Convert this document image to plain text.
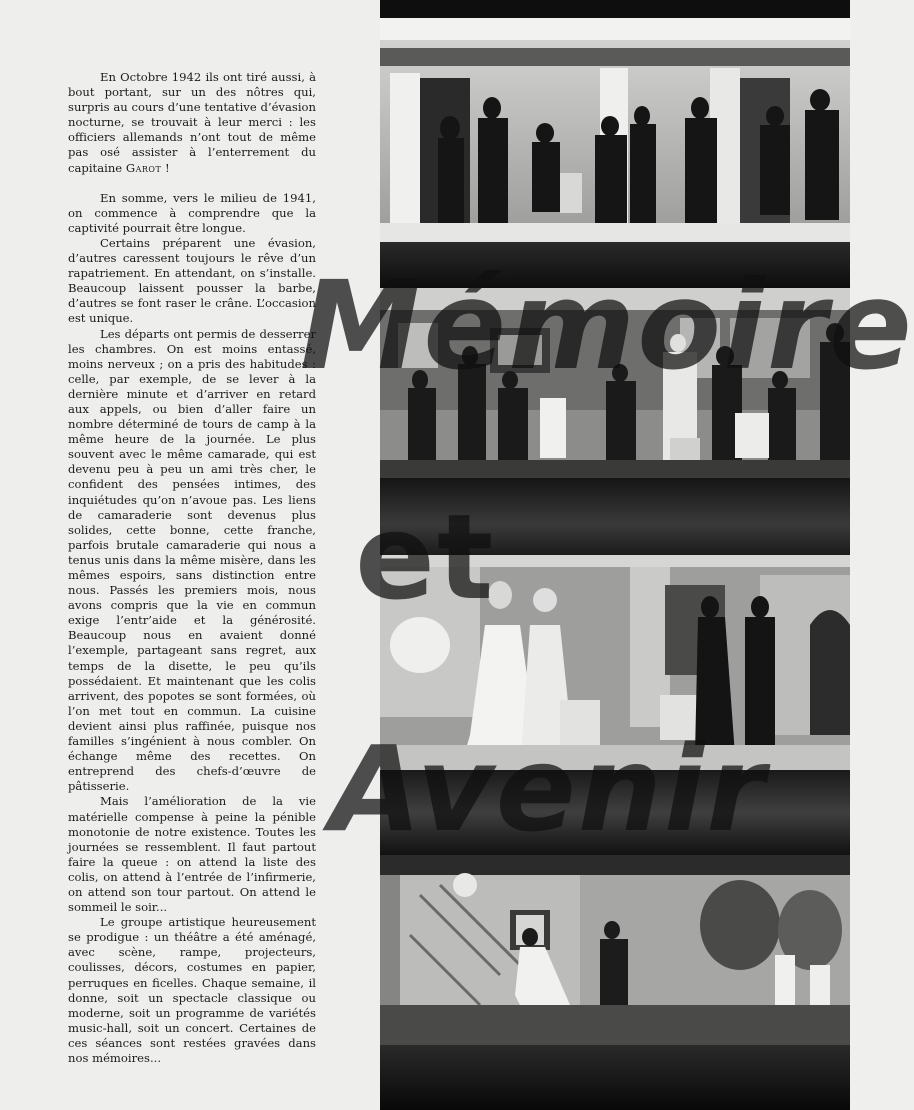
En Octobre 1942 ils ont tiré aussi, à bout portant, sur un des nôtres qui, surpris au cours d’une tentative d’évasion nocturne, se trouvait à leur merci : les officiers allemands n’ont tout de même pas osé assister à l’enterrement du capitaine Garot !

En somme, vers le milieu de 1941, on commence à comprendre que la captivité pourrait être longue.

Certains préparent une évasion, d’autres caressent toujours le rêve d’un rapatriement. En attendant, on s’installe. Beaucoup laissent pousser la barbe, d’autres se font raser le crâne. L’occasion est unique.

Les départs ont permis de desserrer les chambres. On est moins entassé, moins nerveux ; on a pris des habitudes : celle, par exemple, de se lever à la dernière minute et d’arriver en retard aux appels, ou bien d’aller faire un nombre déterminé de tours de camp à la même heure de la journée. Le plus souvent avec le même camarade, qui est devenu peu à peu un ami très cher, le confident des pensées intimes, des inquiétudes qu’on n’avoue pas. Les liens de camaraderie sont devenus plus solides, cette bonne, cette franche, parfois brutale camaraderie qui nous a tenus unis dans la même misère, dans les mêmes espoirs, sans distinction entre nous. Passés les premiers mois, nous avons compris que la vie en commun exige l’entr’aide et la générosité. Beaucoup nous en avaient donné l’exemple, partageant sans regret, aux temps de la disette, le peu qu’ils possédaient. Et maintenant que les colis arrivent, des popotes se sont formées, où l’on met tout en commun. La cuisine devient ainsi plus raffinée, puisque nos familles s’ingénient à nous combler. On échange même des recettes. On entreprend des chefs-d’œuvre de pâtisserie.

Mais l’amélioration de la vie matérielle compense à peine la pénible monotonie de notre existence. Toutes les journées se ressemblent. Il faut partout faire la queue : on attend la liste des colis, on attend à l’entrée de l’infirmerie, on attend son tour partout. On attend le sommeil le soir...

Le groupe artistique heureusement se prodigue : un théâtre a été aménagé, avec scène, rampe, projecteurs, coulisses, décors, costumes en papier, perruques en ficelles. Chaque semaine, il donne, soit un spectacle classique ou moderne, soit un programme de variétés music-hall, soit un concert. Certaines de ces séances sont restées gravées dans nos mémoires...

Mémoire
et
Avenir
